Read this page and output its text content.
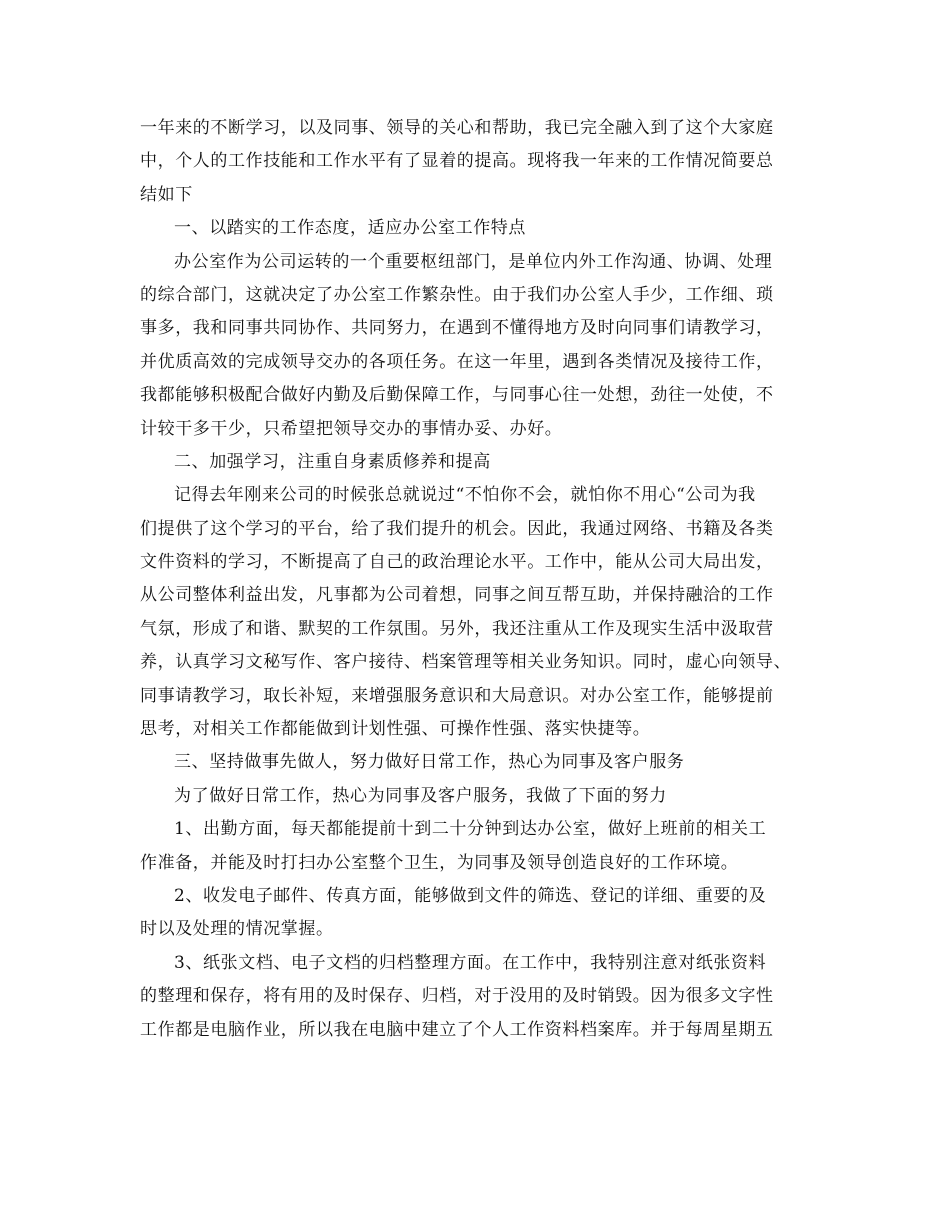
一年来的不断学习，以及同事、领导的关心和帮助，我已完全融入到了这个大家庭
中，个人的工作技能和工作水平有了显着的提高。现将我一年来的工作情况简要总
结如下
一、以踏实的工作态度，适应办公室工作特点
办公室作为公司运转的一个重要枢纽部门，是单位内外工作沟通、协调、处理
的综合部门，这就决定了办公室工作繁杂性。由于我们办公室人手少，工作细、琐
事多，我和同事共同协作、共同努力，在遇到不懂得地方及时向同事们请教学习，
并优质高效的完成领导交办的各项任务。在这一年里，遇到各类情况及接待工作，
我都能够积极配合做好内勤及后勤保障工作，与同事心往一处想，劲往一处使，不
计较干多干少，只希望把领导交办的事情办妥、办好。
二、加强学习，注重自身素质修养和提高
记得去年刚来公司的时候张总就说过“不怕你不会，就怕你不用心“公司为我
们提供了这个学习的平台，给了我们提升的机会。因此，我通过网络、书籍及各类
文件资料的学习，不断提高了自己的政治理论水平。工作中，能从公司大局出发，
从公司整体利益出发，凡事都为公司着想，同事之间互帮互助，并保持融洽的工作
气氛，形成了和谐、默契的工作氛围。另外，我还注重从工作及现实生活中汲取营
养，认真学习文秘写作、客户接待、档案管理等相关业务知识。同时，虚心向领导、
同事请教学习，取长补短，来增强服务意识和大局意识。对办公室工作，能够提前
思考，对相关工作都能做到计划性强、可操作性强、落实快捷等。
三、坚持做事先做人，努力做好日常工作，热心为同事及客户服务
为了做好日常工作，热心为同事及客户服务，我做了下面的努力
1、出勤方面，每天都能提前十到二十分钟到达办公室，做好上班前的相关工
作准备，并能及时打扫办公室整个卫生，为同事及领导创造良好的工作环境。
2、收发电子邮件、传真方面，能够做到文件的筛选、登记的详细、重要的及
时以及处理的情况掌握。
3、纸张文档、电子文档的归档整理方面。在工作中，我特别注意对纸张资料
的整理和保存，将有用的及时保存、归档，对于没用的及时销毁。因为很多文字性
工作都是电脑作业，所以我在电脑中建立了个人工作资料档案库。并于每周星期五
